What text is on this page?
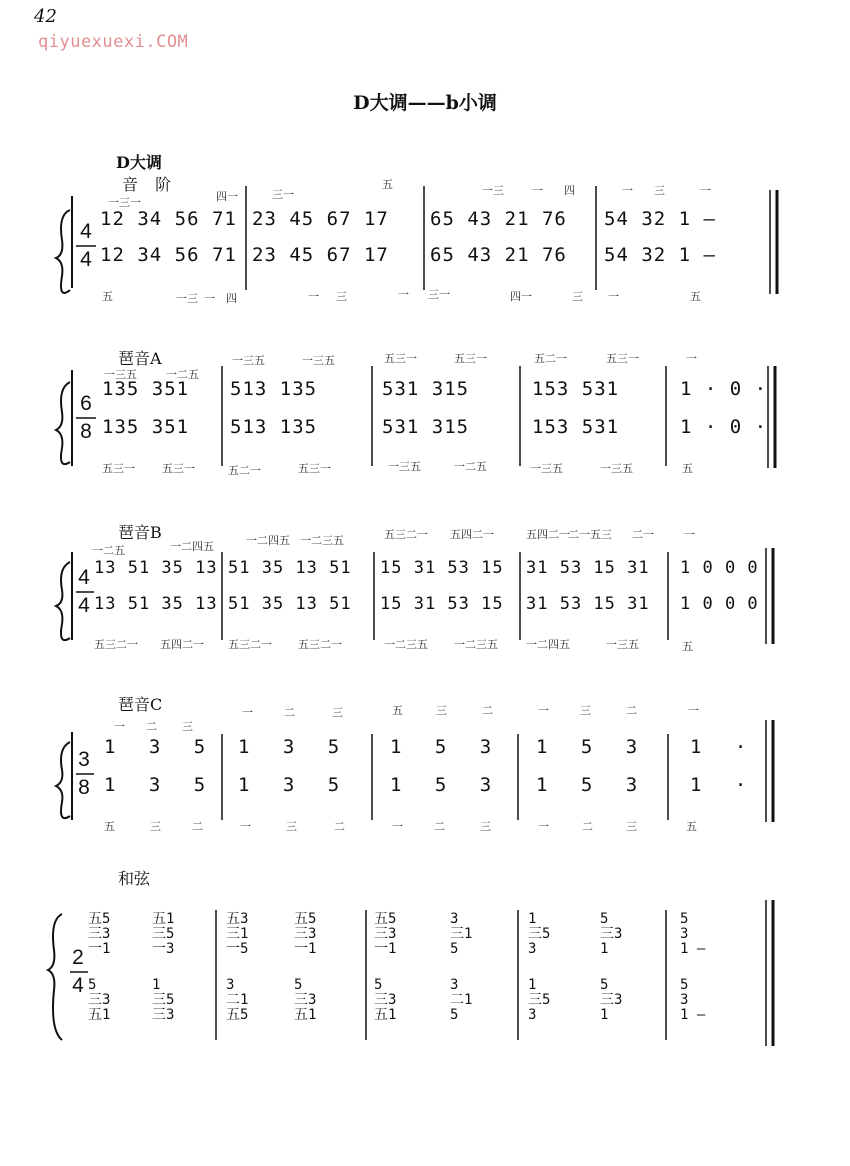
42
qiyuexuexi.COM
D大调——b小调
D大调
音 阶
4
4
一三一	四一	三一
五	一三	一 四	一 三	一
12 34 56 71 23 45 67 17 65 43 21 76 54 32 1 —
12 34 56 71 23 45 67 17 65 43 21 76 54 32 1 —
五	一三 一 四	一 三	一 三一	四一	三 一	五
琶音A
6
8
一三五	一二五
一三五	一三五	五三一	五三一	五二一	五三一	一
135 351 513 135	531 315	153 531	1 · 0 ·
135 351 513 135	531 315	153 531	1 · 0 ·
五三一 五三一	五二一	五三一	一三五	一二五	一三五	一三五	五
琶音B
4
4
一二五	一二四五	一二四五 一二三五	五三二一 五四二一	五四二一
二一五三 二一	一
13 51 35 13 51 35 13 51 15 31 53 15 31 53 15 31 1 0 0 0
13 51 35 13 51 35 13 51 15 31 53 15 31 53 15 31 1 0 0 0
五三二一 五四二一 五三二一 五三二一	一二三五 一二三五	一二四五	一三五	五
琶音C
3
8
一 二 三
一	二	三	五	三	二	一	三	二	一
1 3 5 1 3 5	1 5 3 1 5 3	1 ·
1 3 5 1 3 5	1 5 3 1 5 3	1 ·
五	三	二	一	三	二	一	二	三	一	二	三	五
和弦
2
4
五5
三3
一1
五1
三5
一3
五3
三1
一5
五5
三3
一1
五5
三3
一1
3
三1
5
1
三5
3
5
三3
1
5
3
1 —
5
三3
五1
1
三5
三3
3
二1
五5
5
三3
五1
5
三3
五1
3
二1
5
1
三5
3
5
三3
1
5
3
1 —
